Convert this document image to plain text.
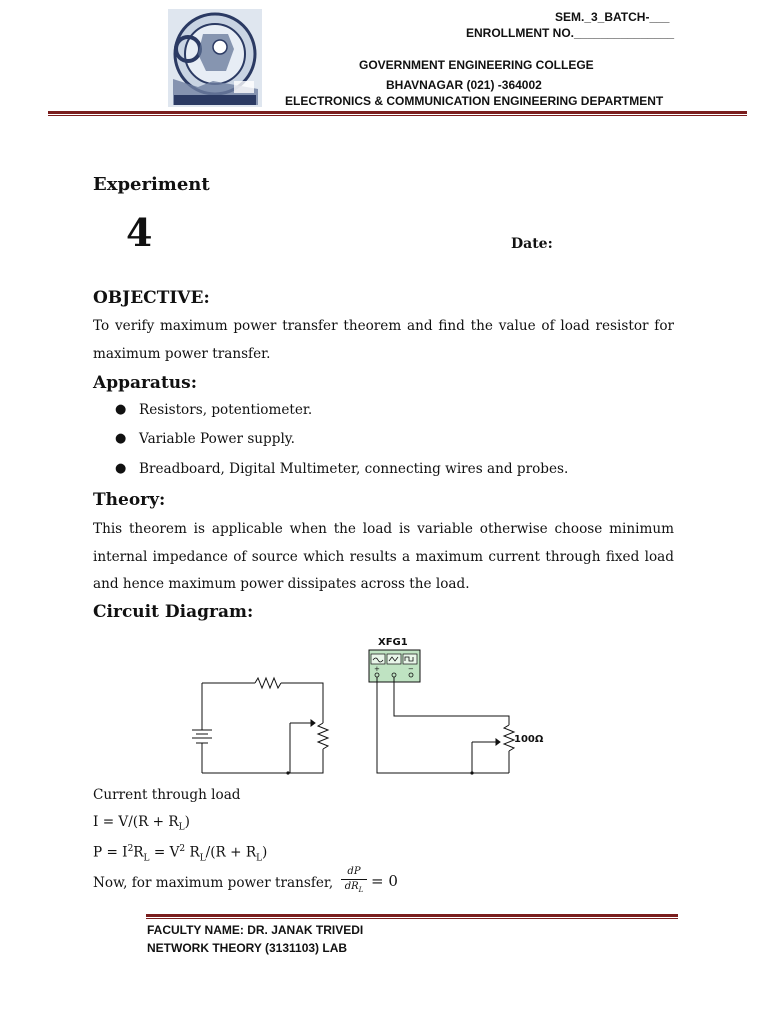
SEM._3_BATCH-___
ENROLLMENT NO._______________
GOVERNMENT ENGINEERING COLLEGE
BHAVNAGAR (021) -364002
ELECTRONICS & COMMUNICATION ENGINEERING DEPARTMENT
Experiment
4	Date:
OBJECTIVE:
To verify maximum power transfer theorem and find the value of load resistor for maximum power transfer.
Apparatus:
● Resistors, potentiometer.
● Variable Power supply.
● Breadboard, Digital Multimeter, connecting wires and probes.
Theory:
This theorem is applicable when the load is variable otherwise choose minimum internal impedance of source which results a maximum current through fixed load and hence maximum power dissipates across the load.
Circuit Diagram:
+	−
XFG1
100Ω
Current through load
$I = V/(R + R_L)$
$P = I^2R_L = V^2$ $R_L/(R + R_L)$
Now, for maximum power transfer,
dP
$dR_L = 0$
FACULTY NAME: DR. JANAK TRIVEDI
NETWORK THEORY (3131103) LAB
